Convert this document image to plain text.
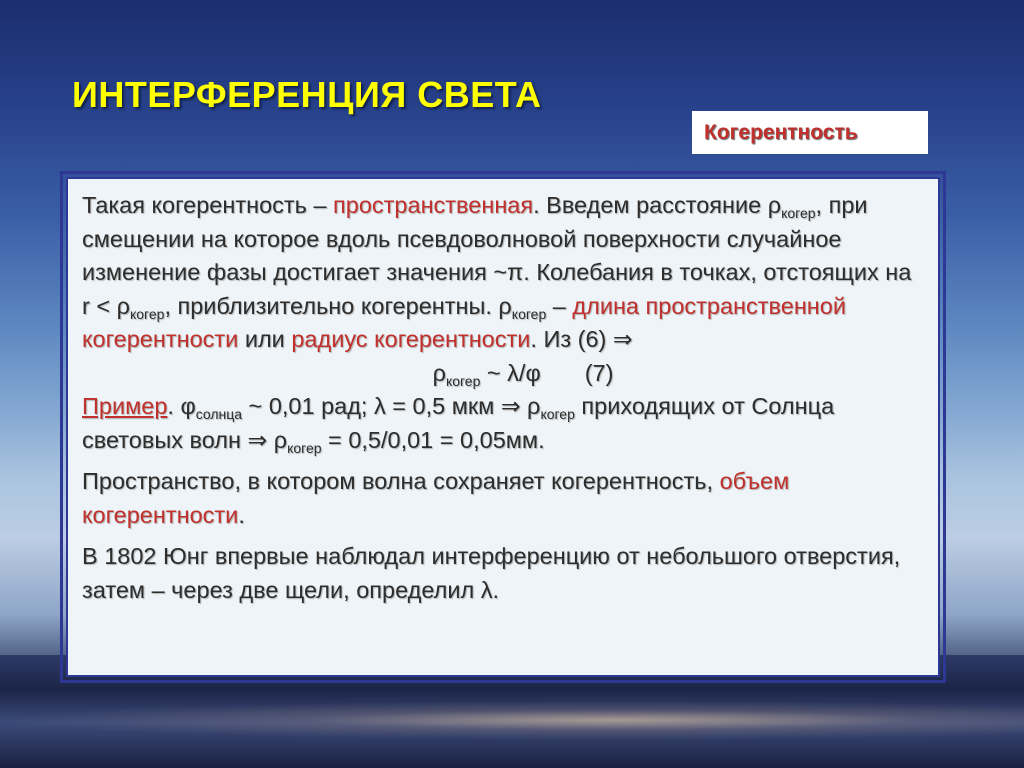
ИНТЕРФЕРЕНЦИЯ СВЕТА
Когерентность

Такая когерентность – пространственная. Введем расстояние $\rho_{когер}$, при смещении на которое вдоль псевдоволновой поверхности случайное изменение фазы достигает значения ~π. Колебания в точках, отстоящих на $r < \rho_{когер}$, приблизительно когерентны. $\rho_{когер}$ – длина пространственной когерентности или радиус когерентности. Из (6) ⇒

$\rho_{когер}$ ~ λ/φ (7)

Пример. $\varphi_{солнца}$ ~ 0,01 рад; λ = 0,5 мкм ⇒ $\rho_{когер}$ приходящих от Солнца световых волн ⇒ $\rho_{когер} = 0,5/0,01 = 0,05мм$.

Пространство, в котором волна сохраняет когерентность, объем когерентности.

В 1802 Юнг впервые наблюдал интерференцию от небольшого отверстия, затем – через две щели, определил λ.
